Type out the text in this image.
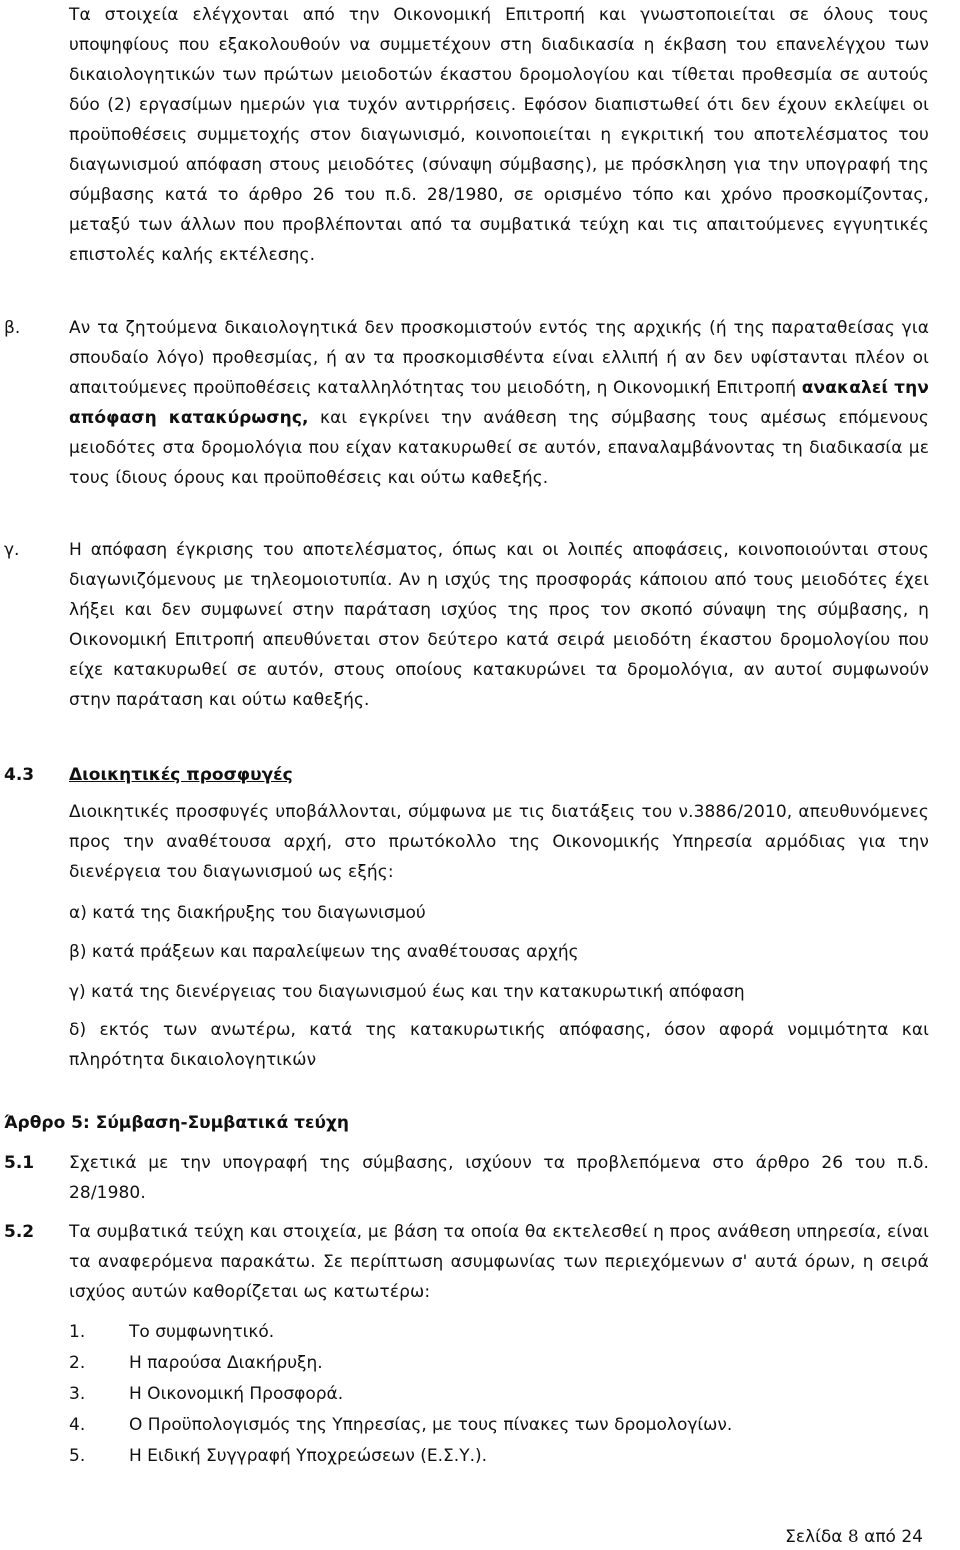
Τα στοιχεία ελέγχονται από την Οικονομική Επιτροπή και γνωστοποιείται σε όλους τους υποψηφίους που εξακολουθούν να συμμετέχουν στη διαδικασία η έκβαση του επανελέγχου των δικαιολογητικών των πρώτων μειοδοτών έκαστου δρομολογίου και τίθεται προθεσμία σε αυτούς δύο (2) εργασίμων ημερών για τυχόν αντιρρήσεις. Εφόσον διαπιστωθεί ότι δεν έχουν εκλείψει οι προϋποθέσεις συμμετοχής στον διαγωνισμό, κοινοποιείται η εγκριτική του αποτελέσματος του διαγωνισμού απόφαση στους μειοδότες (σύναψη σύμβασης), με πρόσκληση για την υπογραφή της σύμβασης κατά το άρθρο 26 του π.δ. 28/1980, σε ορισμένο τόπο και χρόνο προσκομίζοντας, μεταξύ των άλλων που προβλέπονται από τα συμβατικά τεύχη και τις απαιτούμενες εγγυητικές επιστολές καλής εκτέλεσης.

β.	Αν τα ζητούμενα δικαιολογητικά δεν προσκομιστούν εντός της αρχικής (ή της παραταθείσας για σπουδαίο λόγο) προθεσμίας, ή αν τα προσκομισθέντα είναι ελλιπή ή αν δεν υφίστανται πλέον οι απαιτούμενες προϋποθέσεις καταλληλότητας του μειοδότη, η Οικονομική Επιτροπή ανακαλεί την απόφαση κατακύρωσης, και εγκρίνει την ανάθεση της σύμβασης τους αμέσως επόμενους μειοδότες στα δρομολόγια που είχαν κατακυρωθεί σε αυτόν, επαναλαμβάνοντας τη διαδικασία με τους ίδιους όρους και προϋποθέσεις και ούτω καθεξής.

γ.	Η απόφαση έγκρισης του αποτελέσματος, όπως και οι λοιπές αποφάσεις, κοινοποιούνται στους διαγωνιζόμενους με τηλεομοιοτυπία. Αν η ισχύς της προσφοράς κάποιου από τους μειοδότες έχει λήξει και δεν συμφωνεί στην παράταση ισχύος της προς τον σκοπό σύναψη της σύμβασης, η Οικονομική Επιτροπή απευθύνεται στον δεύτερο κατά σειρά μειοδότη έκαστου δρομολογίου που είχε κατακυρωθεί σε αυτόν, στους οποίους κατακυρώνει τα δρομολόγια, αν αυτοί συμφωνούν στην παράταση και ούτω καθεξής.

4.3 Διοικητικές προσφυγές

Διοικητικές προσφυγές υποβάλλονται, σύμφωνα με τις διατάξεις του ν.3886/2010, απευθυνόμενες προς την αναθέτουσα αρχή, στο πρωτόκολλο της Οικονομικής Υπηρεσία αρμόδιας για την διενέργεια του διαγωνισμού ως εξής:

α) κατά της διακήρυξης του διαγωνισμού
β) κατά πράξεων και παραλείψεων της αναθέτουσας αρχής
γ) κατά της διενέργειας του διαγωνισμού έως και την κατακυρωτική απόφαση

δ) εκτός των ανωτέρω, κατά της κατακυρωτικής απόφασης, όσον αφορά νομιμότητα και πληρότητα δικαιολογητικών

Άρθρο 5: Σύμβαση-Συμβατικά τεύχη
5.1 Σχετικά με την υπογραφή της σύμβασης, ισχύουν τα προβλεπόμενα στο άρθρο 26 του π.δ. 28/1980.

5.2 Τα συμβατικά τεύχη και στοιχεία, με βάση τα οποία θα εκτελεσθεί η προς ανάθεση υπηρεσία, είναι τα αναφερόμενα παρακάτω. Σε περίπτωση ασυμφωνίας των περιεχόμενων σ' αυτά όρων, η σειρά ισχύος αυτών καθορίζεται ως κατωτέρω:

1.	Το συμφωνητικό.
2.	Η παρούσα Διακήρυξη.
3.	Η Οικονομική Προσφορά.
4.	Ο Προϋπολογισμός της Υπηρεσίας, με τους πίνακες των δρομολογίων.
5.	Η Ειδική Συγγραφή Υποχρεώσεων (Ε.Σ.Υ.).
Σελίδα 8 από 24
